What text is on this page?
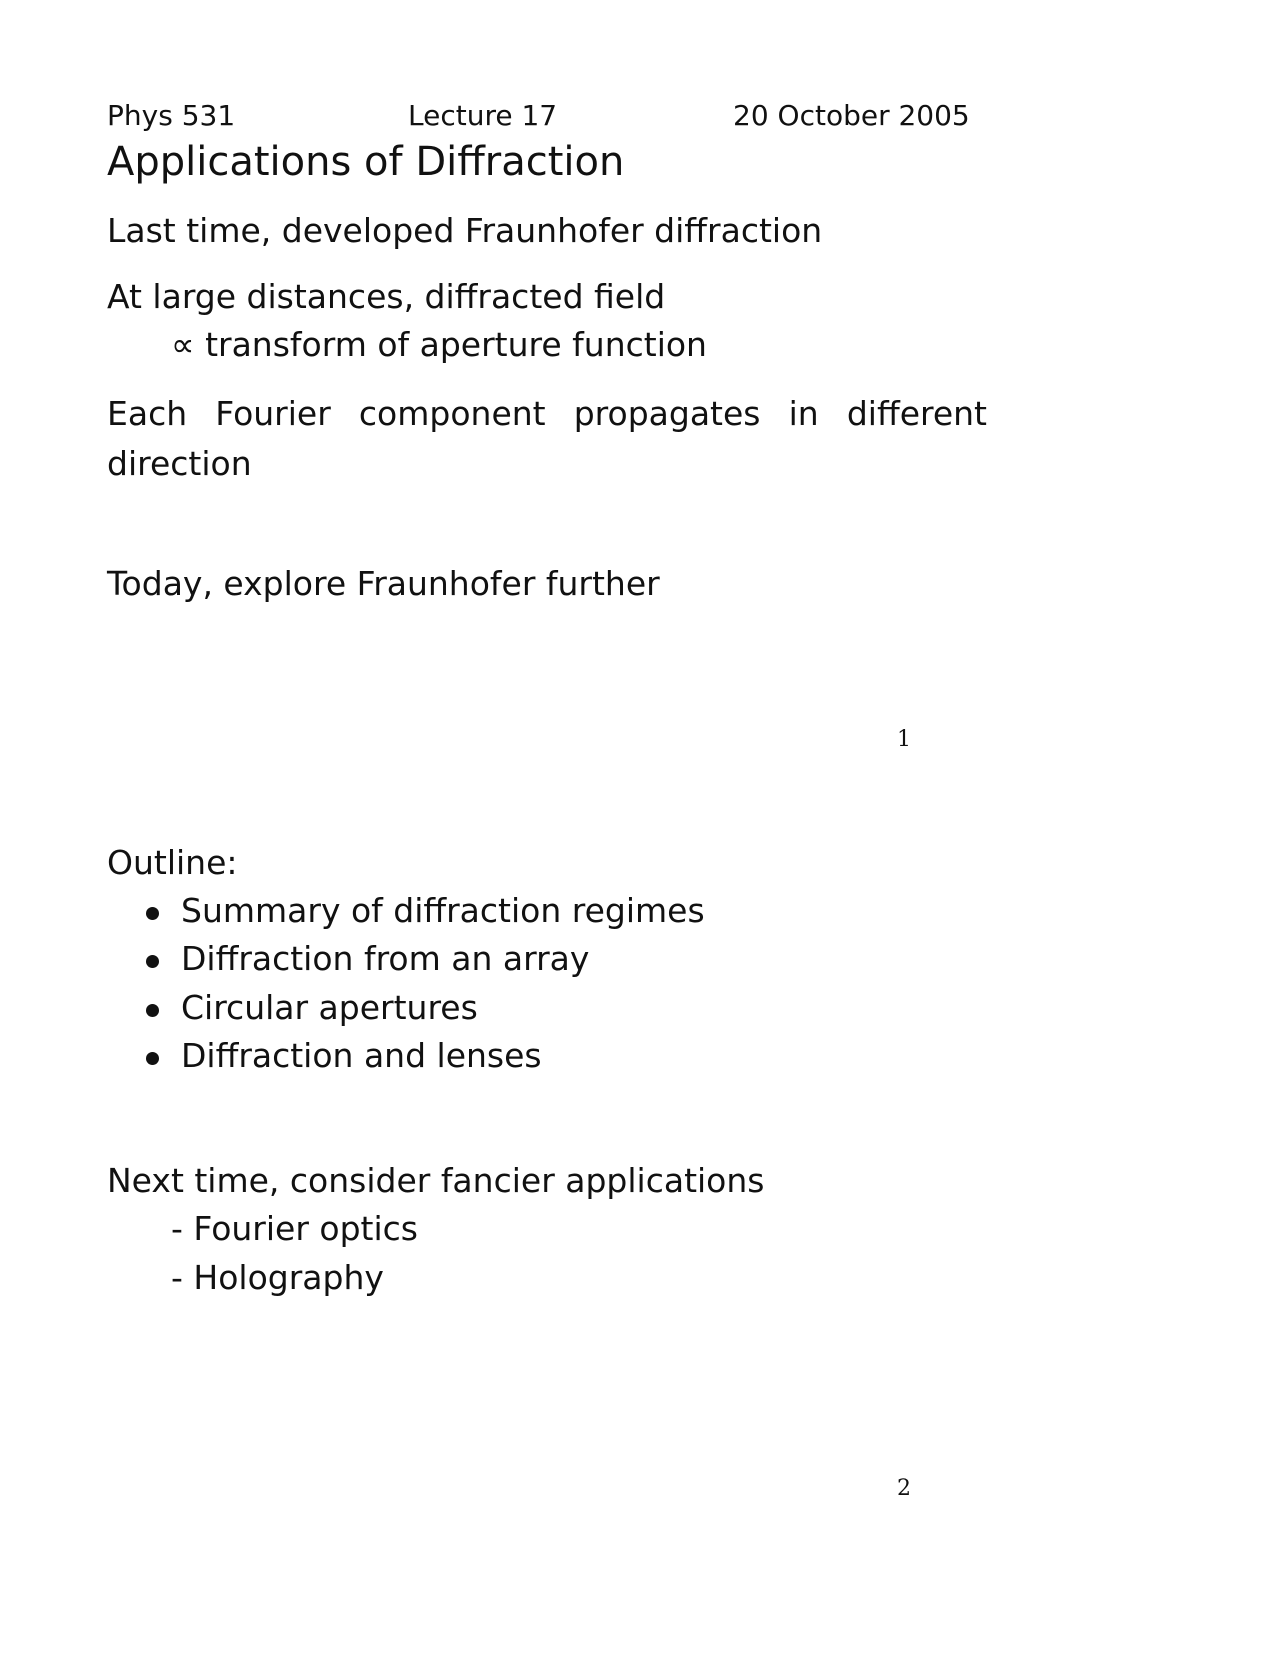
Phys 531	Lecture 17	20 October 2005
Applications of Diffraction
Last time, developed Fraunhofer diffraction
At large distances, diffracted field
∝ transform of aperture function
Each Fourier component propagates in different direction
Today, explore Fraunhofer further
1
Outline:
Summary of diffraction regimes
Diffraction from an array
Circular apertures
Diffraction and lenses
Next time, consider fancier applications
- Fourier optics
- Holography
2
